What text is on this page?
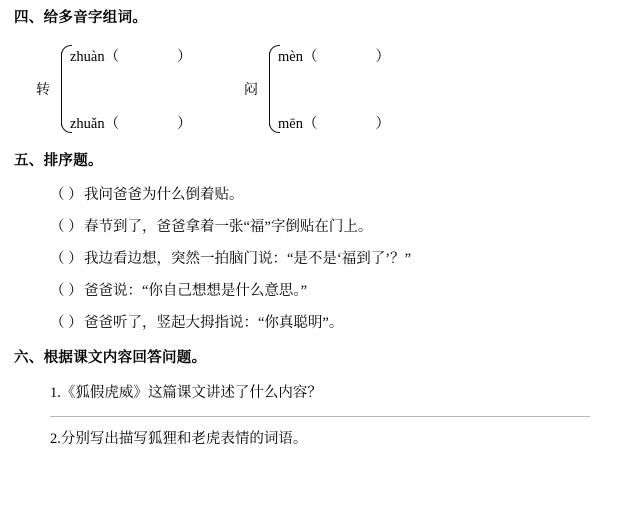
四、给多音字组词。
转
zhuàn（	）
zhuǎn（	）
闷
mèn（	）
mēn（	）
五、排序题。
（ ）我问爸爸为什么倒着贴。
（ ）春节到了，爸爸拿着一张“福”字倒贴在门上。
（ ）我边看边想，突然一拍脑门说：“是不是‘福到了’？”
（ ）爸爸说：“你自己想想是什么意思。”
（ ）爸爸听了，竖起大拇指说：“你真聪明”。
六、根据课文内容回答问题。

1.《狐假虎威》这篇课文讲述了什么内容？

2.分别写出描写狐狸和老虎表情的词语。
